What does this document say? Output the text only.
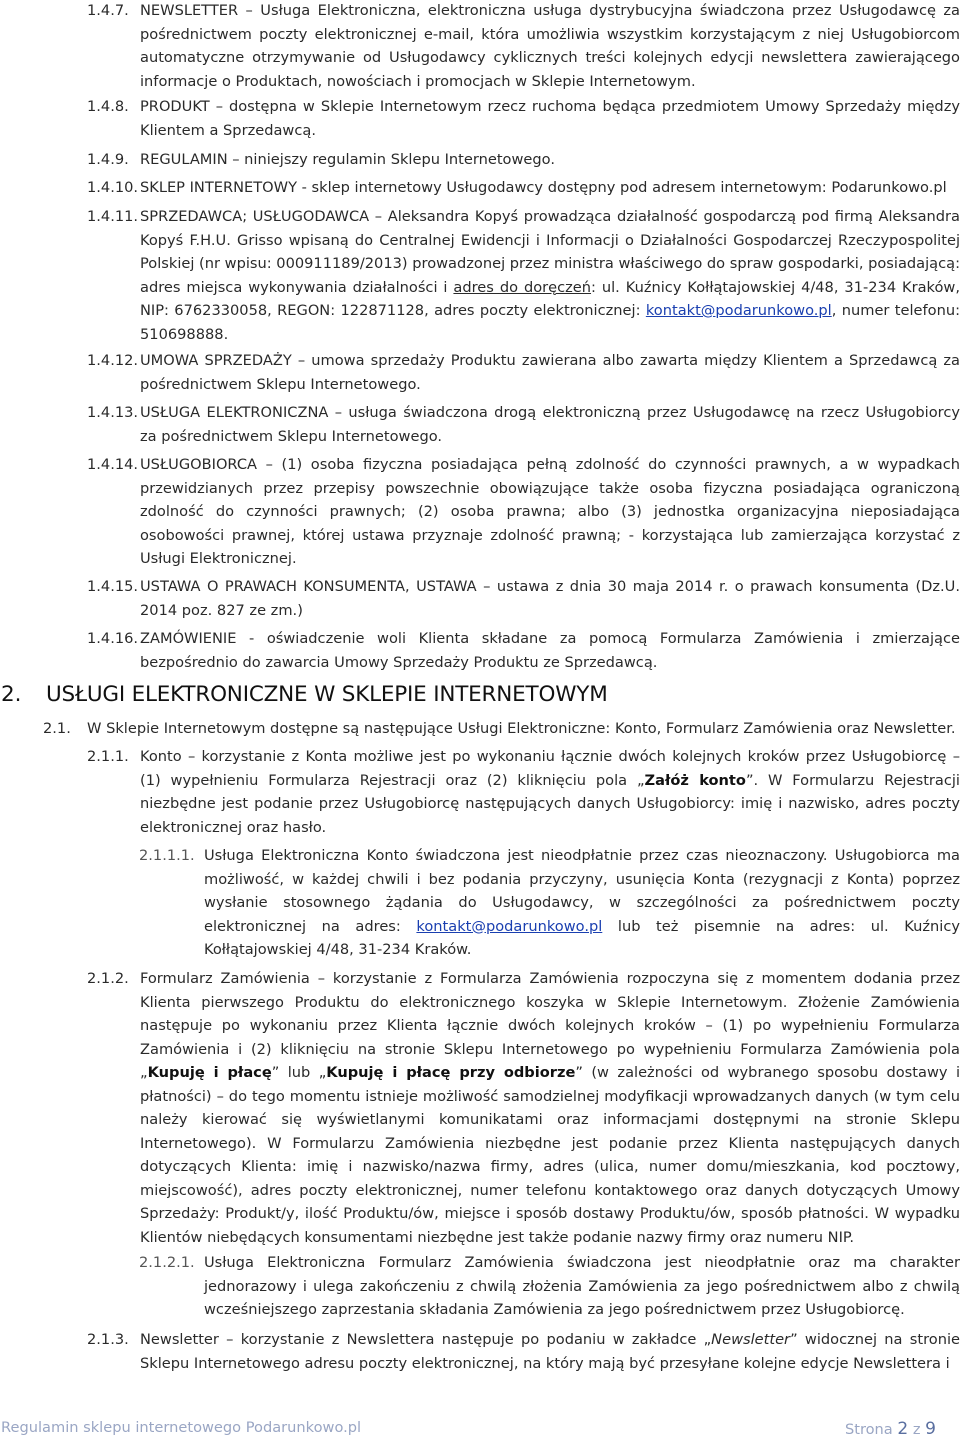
1.4.7. NEWSLETTER – Usługa Elektroniczna, elektroniczna usługa dystrybucyjna świadczona przez Usługodawcę za pośrednictwem poczty elektronicznej e-mail, która umożliwia wszystkim korzystającym z niej Usługobiorcom automatyczne otrzymywanie od Usługodawcy cyklicznych treści kolejnych edycji newslettera zawierającego informacje o Produktach, nowościach i promocjach w Sklepie Internetowym.
1.4.8. PRODUKT – dostępna w Sklepie Internetowym rzecz ruchoma będąca przedmiotem Umowy Sprzedaży między Klientem a Sprzedawcą.
1.4.9. REGULAMIN – niniejszy regulamin Sklepu Internetowego.
1.4.10. SKLEP INTERNETOWY - sklep internetowy Usługodawcy dostępny pod adresem internetowym: Podarunkowo.pl
1.4.11. SPRZEDAWCA; USŁUGODAWCA – Aleksandra Kopyś prowadząca działalność gospodarczą pod firmą Aleksandra Kopyś F.H.U. Grisso wpisaną do Centralnej Ewidencji i Informacji o Działalności Gospodarczej Rzeczypospolitej Polskiej (nr wpisu: 000911189/2013) prowadzonej przez ministra właściwego do spraw gospodarki, posiadającą: adres miejsca wykonywania działalności i adres do doręczeń: ul. Kuźnicy Kołłątajowskiej 4/48, 31-234 Kraków, NIP: 6762330058, REGON: 122871128, adres poczty elektronicznej: kontakt@podarunkowo.pl, numer telefonu: 510698888.
1.4.12. UMOWA SPRZEDAŻY – umowa sprzedaży Produktu zawierana albo zawarta między Klientem a Sprzedawcą za pośrednictwem Sklepu Internetowego.
1.4.13. USŁUGA ELEKTRONICZNA – usługa świadczona drogą elektroniczną przez Usługodawcę na rzecz Usługobiorcy za pośrednictwem Sklepu Internetowego.
1.4.14. USŁUGOBIORCA – (1) osoba fizyczna posiadająca pełną zdolność do czynności prawnych, a w wypadkach przewidzianych przez przepisy powszechnie obowiązujące także osoba fizyczna posiadająca ograniczoną zdolność do czynności prawnych; (2) osoba prawna; albo (3) jednostka organizacyjna nieposiadająca osobowości prawnej, której ustawa przyznaje zdolność prawną; - korzystająca lub zamierzająca korzystać z Usługi Elektronicznej.
1.4.15. USTAWA O PRAWACH KONSUMENTA, USTAWA – ustawa z dnia 30 maja 2014 r. o prawach konsumenta (Dz.U. 2014 poz. 827 ze zm.)
1.4.16. ZAMÓWIENIE - oświadczenie woli Klienta składane za pomocą Formularza Zamówienia i zmierzające bezpośrednio do zawarcia Umowy Sprzedaży Produktu ze Sprzedawcą.
2.	USŁUGI ELEKTRONICZNE W SKLEPIE INTERNETOWYM
2.1.	W Sklepie Internetowym dostępne są następujące Usługi Elektroniczne: Konto, Formularz Zamówienia oraz Newsletter.
2.1.1. Konto – korzystanie z Konta możliwe jest po wykonaniu łącznie dwóch kolejnych kroków przez Usługobiorcę – (1) wypełnieniu Formularza Rejestracji oraz (2) kliknięciu pola „Załóż konto”. W Formularzu Rejestracji niezbędne jest podanie przez Usługobiorcę następujących danych Usługobiorcy: imię i nazwisko, adres poczty elektronicznej oraz hasło.
2.1.1.1. Usługa Elektroniczna Konto świadczona jest nieodpłatnie przez czas nieoznaczony. Usługobiorca ma możliwość, w każdej chwili i bez podania przyczyny, usunięcia Konta (rezygnacji z Konta) poprzez wysłanie stosownego żądania do Usługodawcy, w szczególności za pośrednictwem poczty elektronicznej na adres: kontakt@podarunkowo.pl lub też pisemnie na adres: ul. Kuźnicy Kołłątajowskiej 4/48, 31-234 Kraków.
2.1.2. Formularz Zamówienia – korzystanie z Formularza Zamówienia rozpoczyna się z momentem dodania przez Klienta pierwszego Produktu do elektronicznego koszyka w Sklepie Internetowym. Złożenie Zamówienia następuje po wykonaniu przez Klienta łącznie dwóch kolejnych kroków – (1) po wypełnieniu Formularza Zamówienia i (2) kliknięciu na stronie Sklepu Internetowego po wypełnieniu Formularza Zamówienia pola „Kupuję i płacę” lub „Kupuję i płacę przy odbiorze” (w zależności od wybranego sposobu dostawy i płatności) – do tego momentu istnieje możliwość samodzielnej modyfikacji wprowadzanych danych (w tym celu należy kierować się wyświetlanymi komunikatami oraz informacjami dostępnymi na stronie Sklepu Internetowego). W Formularzu Zamówienia niezbędne jest podanie przez Klienta następujących danych dotyczących Klienta: imię i nazwisko/nazwa firmy, adres (ulica, numer domu/mieszkania, kod pocztowy, miejscowość), adres poczty elektronicznej, numer telefonu kontaktowego oraz danych dotyczących Umowy Sprzedaży: Produkt/y, ilość Produktu/ów, miejsce i sposób dostawy Produktu/ów, sposób płatności. W wypadku Klientów niebędących konsumentami niezbędne jest także podanie nazwy firmy oraz numeru NIP.
2.1.2.1. Usługa Elektroniczna Formularz Zamówienia świadczona jest nieodpłatnie oraz ma charakter jednorazowy i ulega zakończeniu z chwilą złożenia Zamówienia za jego pośrednictwem albo z chwilą wcześniejszego zaprzestania składania Zamówienia za jego pośrednictwem przez Usługobiorcę.
2.1.3. Newsletter – korzystanie z Newslettera następuje po podaniu w zakładce „Newsletter” widocznej na stronie Sklepu Internetowego adresu poczty elektronicznej, na który mają być przesyłane kolejne edycje Newslettera i
Regulamin sklepu internetowego Podarunkowo.pl	Strona 2 z 9
